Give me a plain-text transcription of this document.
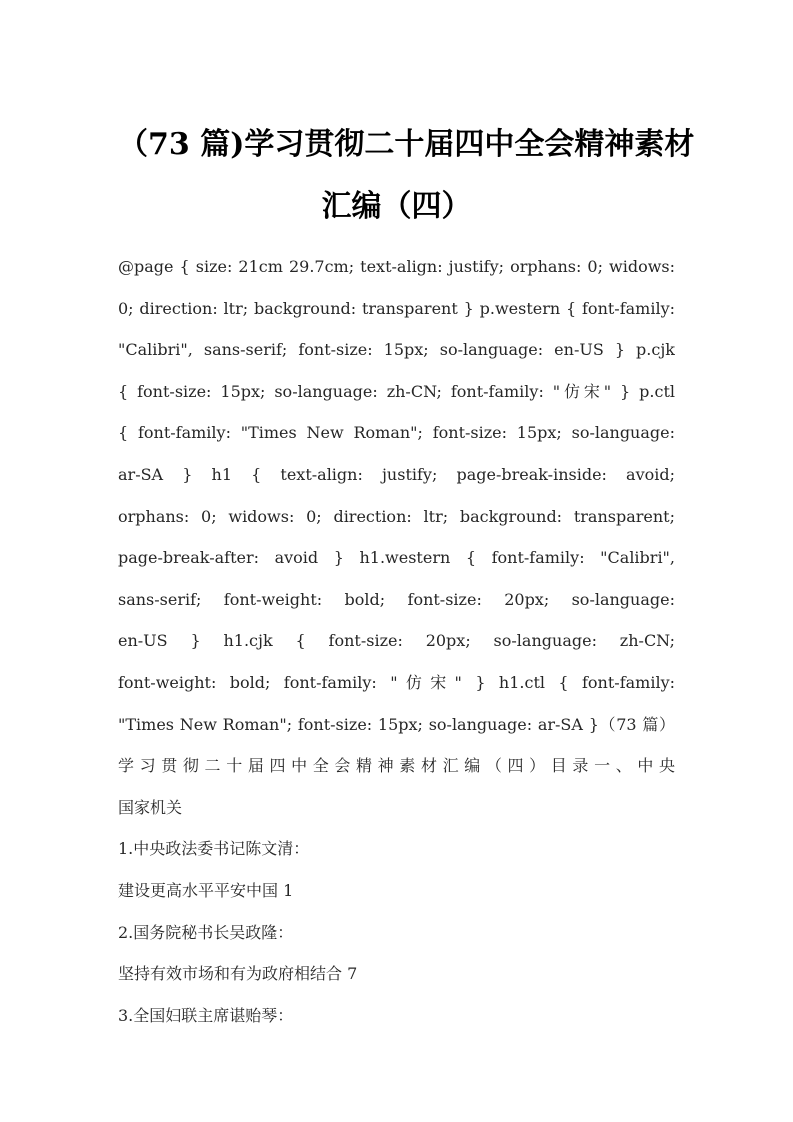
（73 篇)学习贯彻二十届四中全会精神素材
汇编（四）
@page { size: 21cm 29.7cm; text-align: justify; orphans: 0; widows:
0; direction: ltr; background: transparent } p.western { font-family:
"Calibri", sans-serif; font-size: 15px; so-language: en-US } p.cjk
{ font-size: 15px; so-language: zh-CN; font-family: "仿宋" } p.ctl
{ font-family: "Times New Roman"; font-size: 15px; so-language:
ar-SA } h1 { text-align: justify; page-break-inside: avoid;
orphans: 0; widows: 0; direction: ltr; background: transparent;
page-break-after: avoid } h1.western { font-family: "Calibri",
sans-serif; font-weight: bold; font-size: 20px; so-language:
en-US } h1.cjk { font-size: 20px; so-language: zh-CN;
font-weight: bold; font-family: "仿宋" } h1.ctl { font-family:
"Times New Roman"; font-size: 15px; so-language: ar-SA }（73 篇）
学习贯彻二十届四中全会精神素材汇编（四）目录一、中央
国家机关
1.中央政法委书记陈文清：
建设更高水平平安中国 1
2.国务院秘书长吴政隆：
坚持有效市场和有为政府相结合 7
3.全国妇联主席谌贻琴：
